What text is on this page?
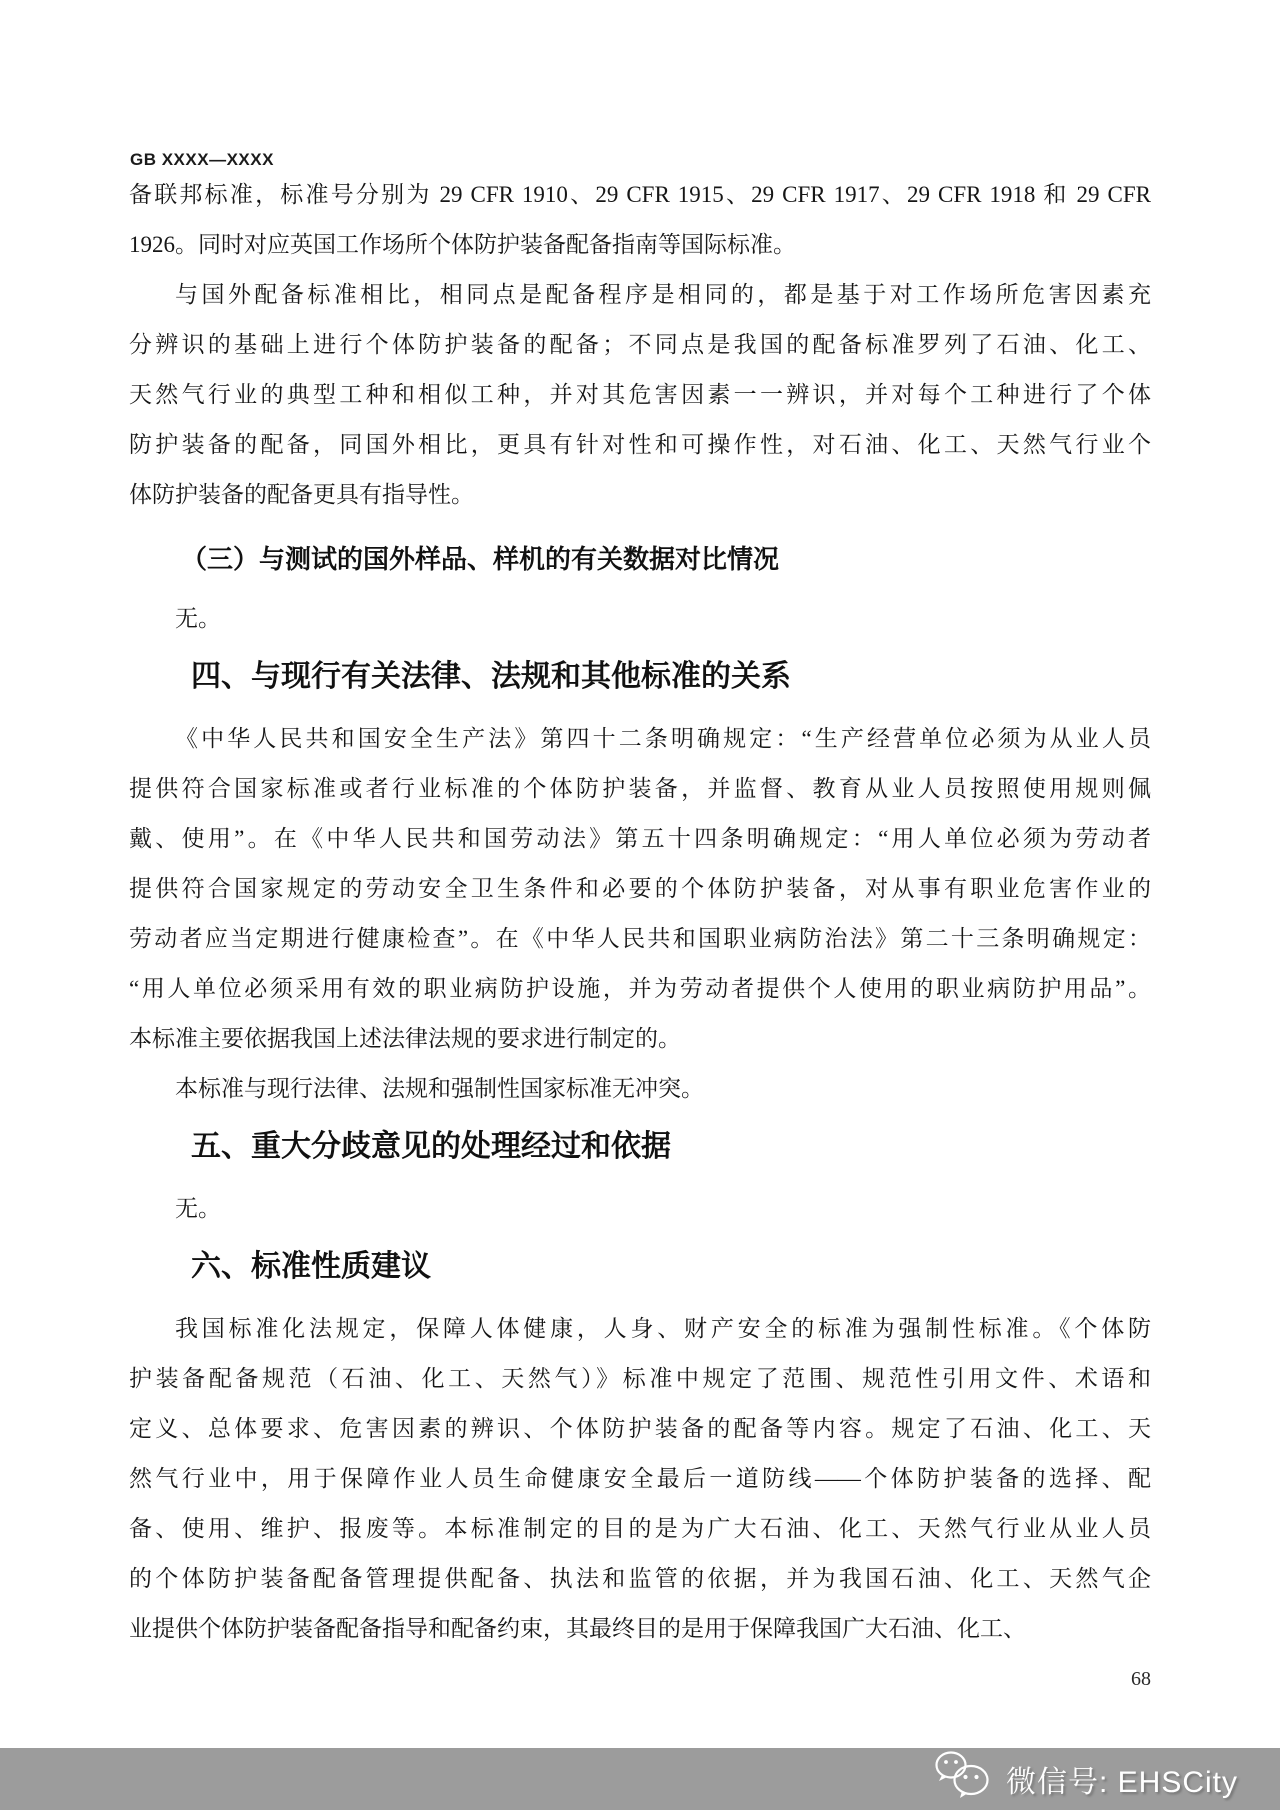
GB XXXX—XXXX
备联邦标准，标准号分别为 29 CFR 1910、29 CFR 1915、29 CFR 1917、29 CFR 1918 和 29 CFR
1926。同时对应英国工作场所个体防护装备配备指南等国际标准。
与国外配备标准相比，相同点是配备程序是相同的，都是基于对工作场所危害因素充
分辨识的基础上进行个体防护装备的配备；不同点是我国的配备标准罗列了石油、化工、
天然气行业的典型工种和相似工种，并对其危害因素一一辨识，并对每个工种进行了个体
防护装备的配备，同国外相比，更具有针对性和可操作性，对石油、化工、天然气行业个
体防护装备的配备更具有指导性。
（三）与测试的国外样品、样机的有关数据对比情况
无。
四、与现行有关法律、法规和其他标准的关系
《中华人民共和国安全生产法》第四十二条明确规定：“生产经营单位必须为从业人员
提供符合国家标准或者行业标准的个体防护装备，并监督、教育从业人员按照使用规则佩
戴、使用”。在《中华人民共和国劳动法》第五十四条明确规定：“用人单位必须为劳动者
提供符合国家规定的劳动安全卫生条件和必要的个体防护装备，对从事有职业危害作业的
劳动者应当定期进行健康检查”。在《中华人民共和国职业病防治法》第二十三条明确规定：
“用人单位必须采用有效的职业病防护设施，并为劳动者提供个人使用的职业病防护用品”。
本标准主要依据我国上述法律法规的要求进行制定的。
本标准与现行法律、法规和强制性国家标准无冲突。
五、重大分歧意见的处理经过和依据
无。
六、标准性质建议
我国标准化法规定，保障人体健康，人身、财产安全的标准为强制性标准。《个体防
护装备配备规范（石油、化工、天然气）》标准中规定了范围、规范性引用文件、术语和
定义、总体要求、危害因素的辨识、个体防护装备的配备等内容。规定了石油、化工、天
然气行业中，用于保障作业人员生命健康安全最后一道防线——个体防护装备的选择、配
备、使用、维护、报废等。本标准制定的目的是为广大石油、化工、天然气行业从业人员
的个体防护装备配备管理提供配备、执法和监管的依据，并为我国石油、化工、天然气企
业提供个体防护装备配备指导和配备约束，其最终目的是用于保障我国广大石油、化工、
68
微信号: EHSCity
